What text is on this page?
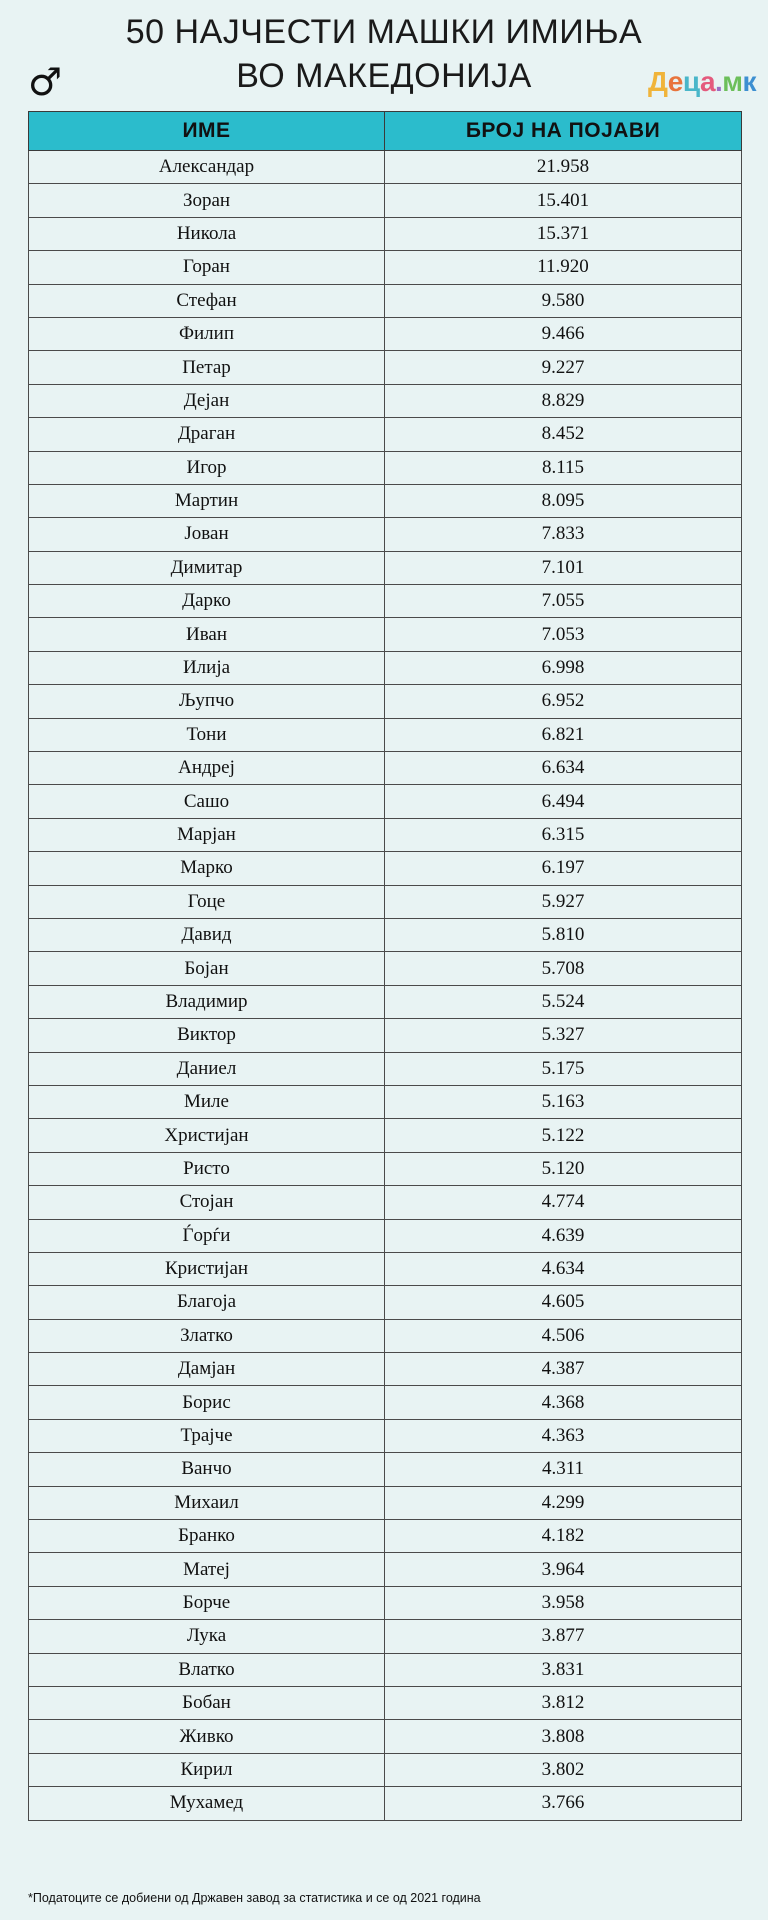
50 НАЈЧЕСТИ МАШКИ ИМИЊА
ВО МАКЕДОНИЈА
♂	Деца.мк
ИМЕ	БРОЈ НА ПОЈАВИ
Александар	21.958
Зоран	15.401
Никола	15.371
Горан	11.920
Стефан	9.580
Филип	9.466
Петар	9.227
Дејан	8.829
Драган	8.452
Игор	8.115
Мартин	8.095
Јован	7.833
Димитар	7.101
Дарко	7.055
Иван	7.053
Илија	6.998
Љупчо	6.952
Тони	6.821
Андреј	6.634
Сашо	6.494
Марјан	6.315
Марко	6.197
Гоце	5.927
Давид	5.810
Бојан	5.708
Владимир	5.524
Виктор	5.327
Даниел	5.175
Миле	5.163
Христијан	5.122
Ристо	5.120
Стојан	4.774
Ѓорѓи	4.639
Кристијан	4.634
Благоја	4.605
Златко	4.506
Дамјан	4.387
Борис	4.368
Трајче	4.363
Ванчо	4.311
Михаил	4.299
Бранко	4.182
Матеј	3.964
Борче	3.958
Лука	3.877
Влатко	3.831
Бобан	3.812
Живко	3.808
Кирил	3.802
Мухамед	3.766
*Податоците се добиени од Државен завод за статистика и се од 2021 година
